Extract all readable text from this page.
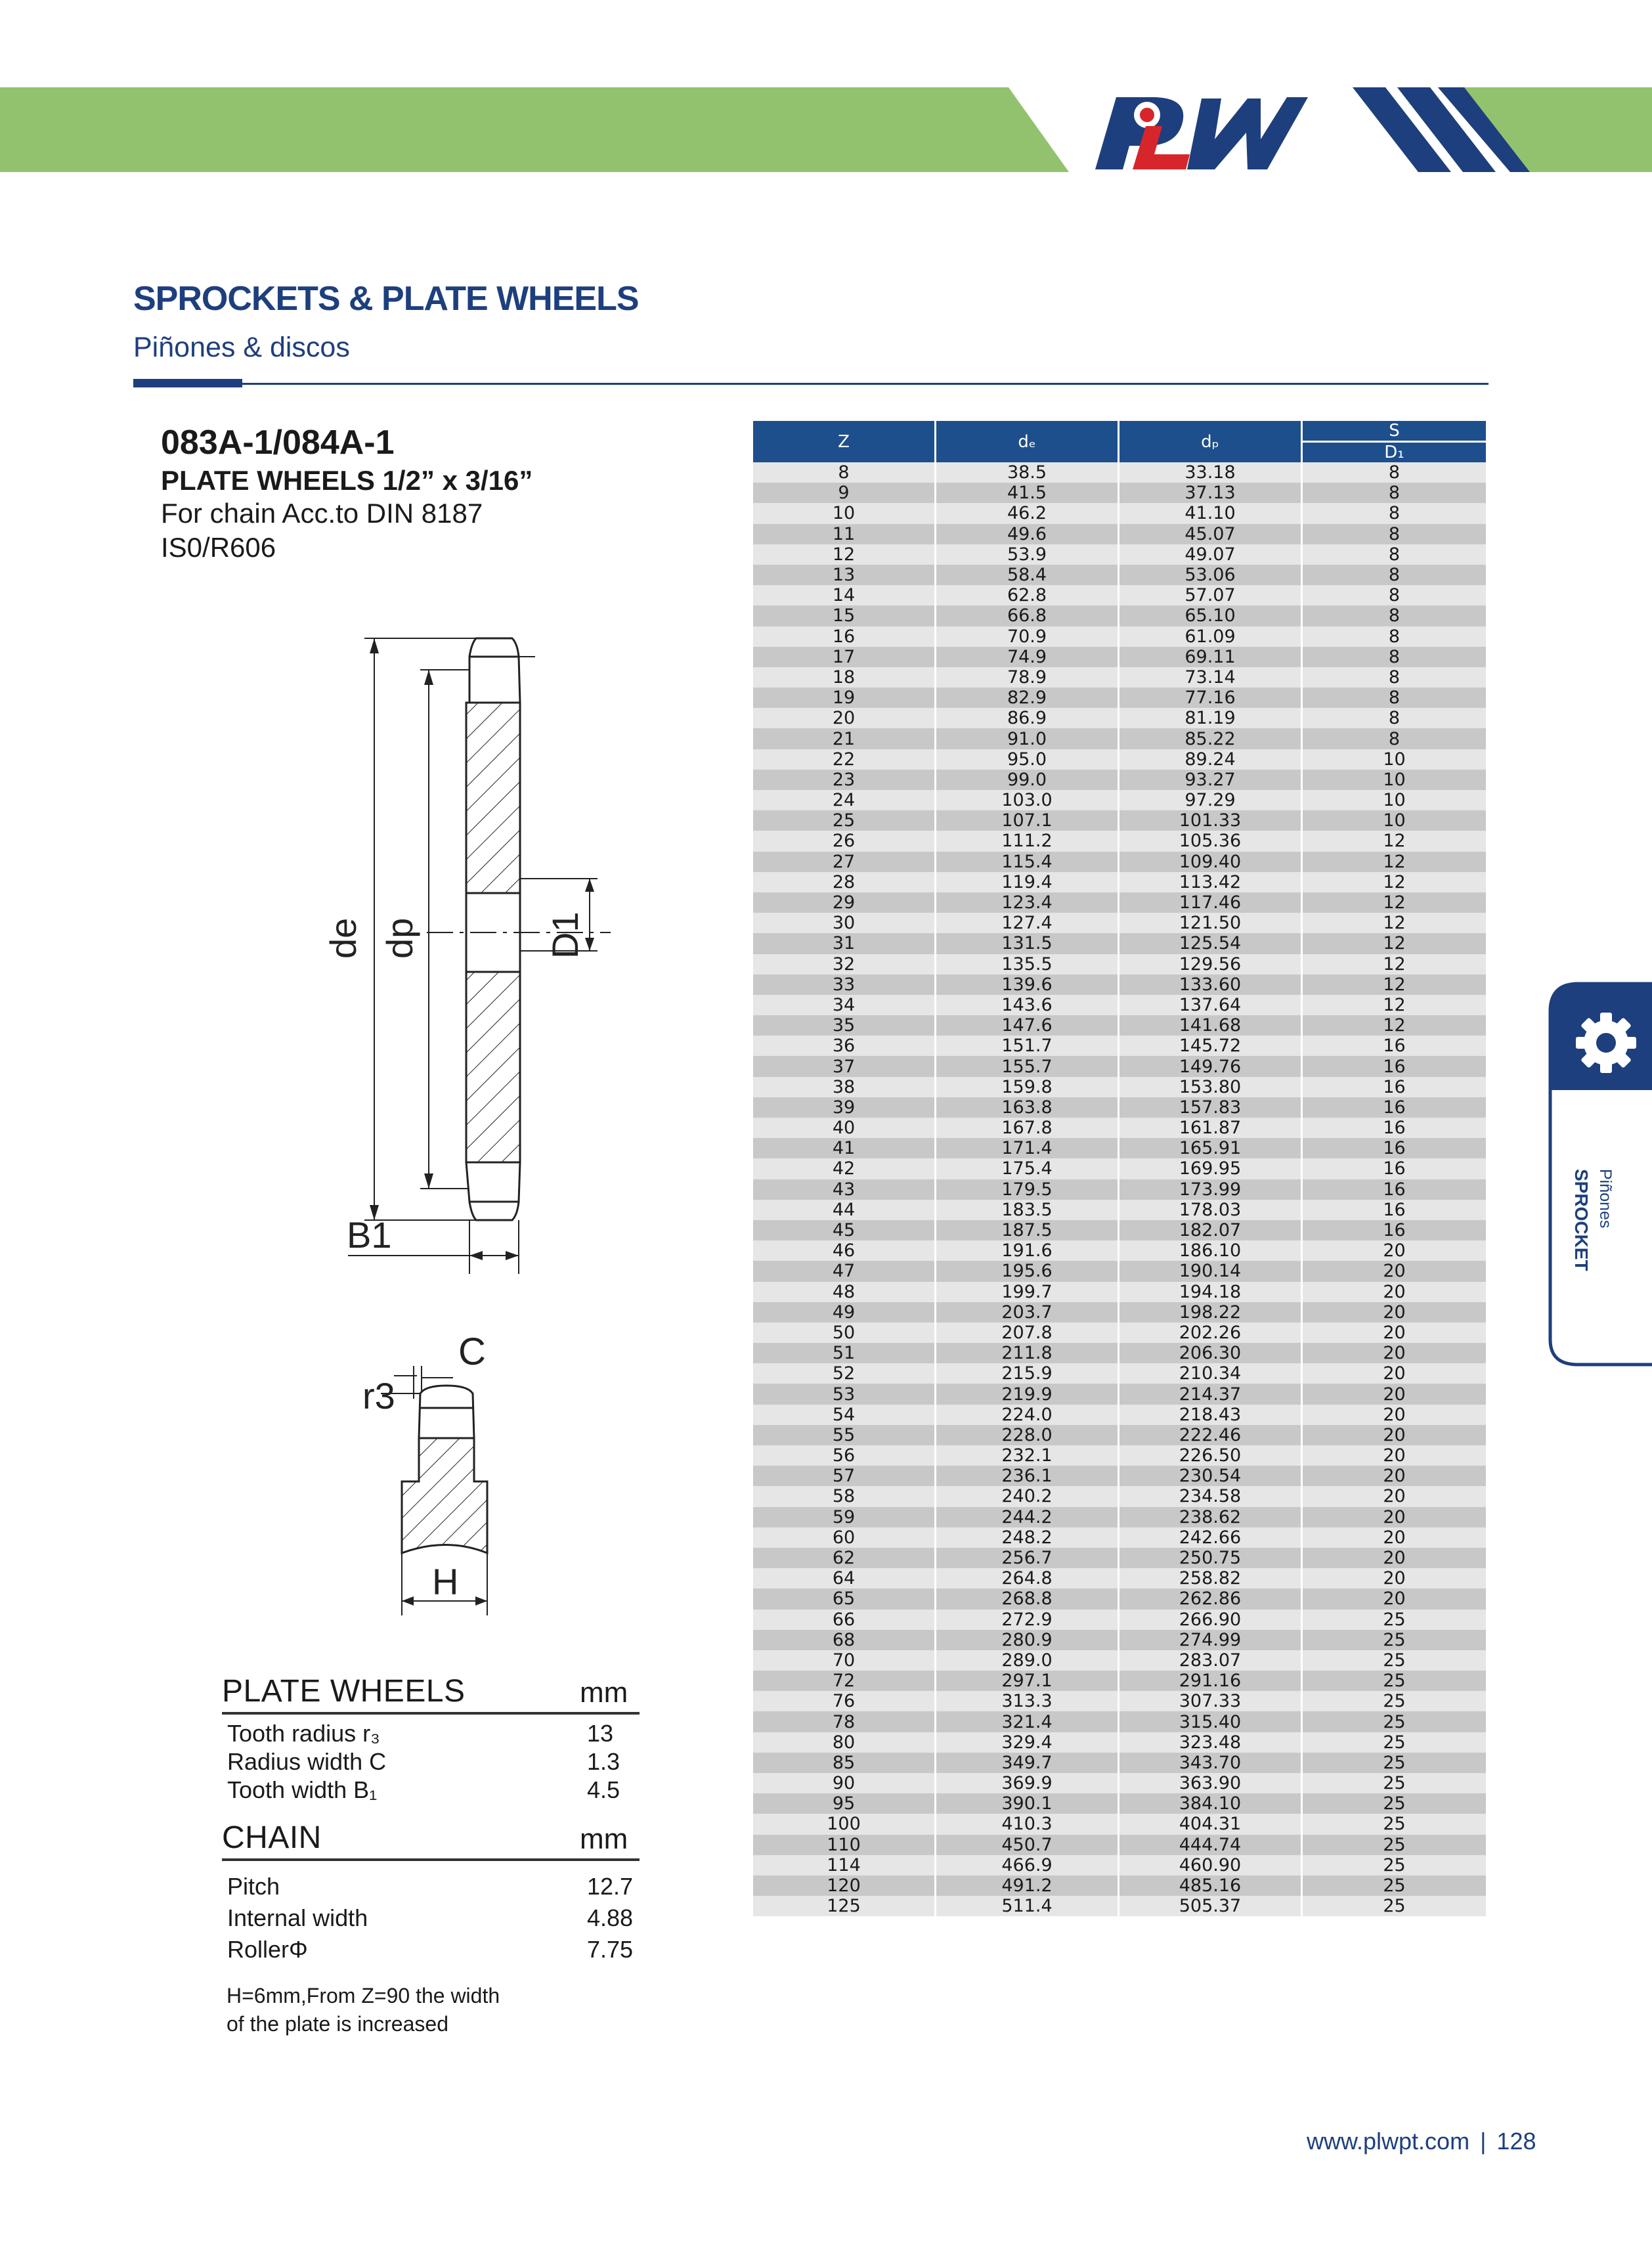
SPROCKETS & PLATE WHEELS
Piñones & discos
083A-1/084A-1
PLATE WHEELS 1/2” x 3/16”
For chain Acc.to DIN 8187
IS0/R606
de dp	D1
B1
C
r3
H
PLATE WHEELS	mm
Tooth radius r₃	13
Radius width C	1.3
Tooth width B₁	4.5
CHAIN	mm
Pitch	12.7
Internal width	4.88
RollerΦ	7.75
H=6mm,From Z=90 the width
of the plate is increased
Z	dₑ	dₚ	S
			D₁
8	38.5	33.18	8
9	41.5	37.13	8
10	46.2	41.10	8
11	49.6	45.07	8
12	53.9	49.07	8
13	58.4	53.06	8
14	62.8	57.07	8
15	66.8	65.10	8
16	70.9	61.09	8
17	74.9	69.11	8
18	78.9	73.14	8
19	82.9	77.16	8
20	86.9	81.19	8
21	91.0	85.22	8
22	95.0	89.24	10
23	99.0	93.27	10
24	103.0	97.29	10
25	107.1	101.33	10
26	111.2	105.36	12
27	115.4	109.40	12
28	119.4	113.42	12
29	123.4	117.46	12
30	127.4	121.50	12
31	131.5	125.54	12
32	135.5	129.56	12
33	139.6	133.60	12
34	143.6	137.64	12
35	147.6	141.68	12
36	151.7	145.72	16
37	155.7	149.76	16
38	159.8	153.80	16
39	163.8	157.83	16
40	167.8	161.87	16
41	171.4	165.91	16
42	175.4	169.95	16
43	179.5	173.99	16
44	183.5	178.03	16
45	187.5	182.07	16
46	191.6	186.10	20
47	195.6	190.14	20
48	199.7	194.18	20
49	203.7	198.22	20
50	207.8	202.26	20
51	211.8	206.30	20
52	215.9	210.34	20
53	219.9	214.37	20
54	224.0	218.43	20
55	228.0	222.46	20
56	232.1	226.50	20
57	236.1	230.54	20
58	240.2	234.58	20
59	244.2	238.62	20
60	248.2	242.66	20
62	256.7	250.75	20
64	264.8	258.82	20
65	268.8	262.86	20
66	272.9	266.90	25
68	280.9	274.99	25
70	289.0	283.07	25
72	297.1	291.16	25
76	313.3	307.33	25
78	321.4	315.40	25
80	329.4	323.48	25
85	349.7	343.70	25
90	369.9	363.90	25
95	390.1	384.10	25
100	410.3	404.31	25
110	450.7	444.74	25
114	466.9	460.90	25
120	491.2	485.16	25
125	511.4	505.37	25
SPROCKET Piñones
www.plwpt.com | 128
